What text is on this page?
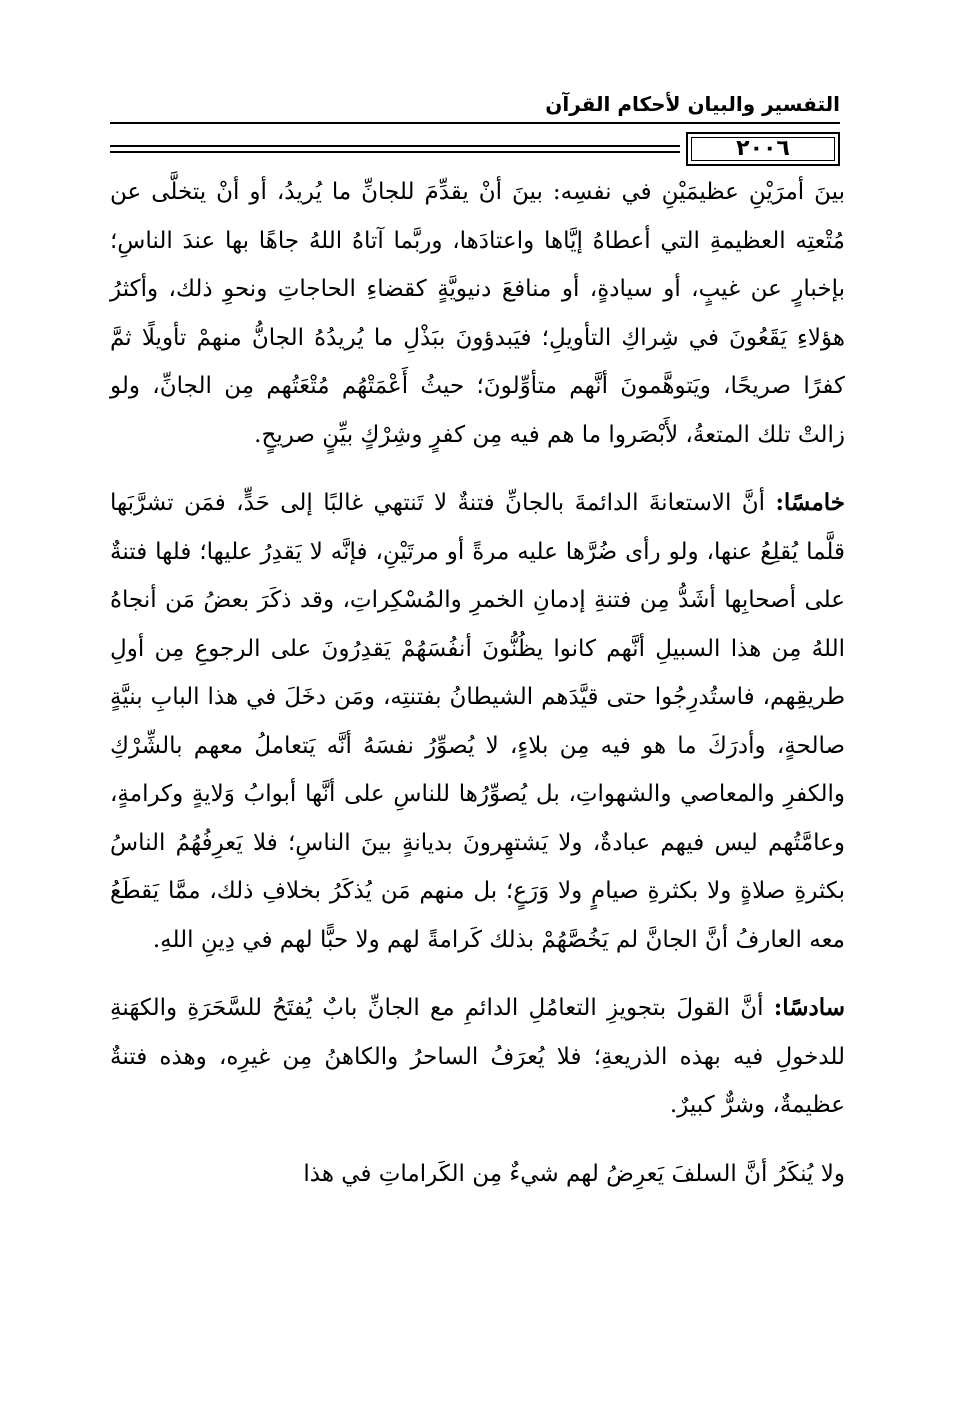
التفسير والبيان لأحكام القرآن
٢٠٠٦

بينَ أمرَيْنِ عظيمَيْنِ في نفسِه: بينَ أنْ يقدِّمَ للجانِّ ما يُريدُ، أو أنْ يتخلَّى عن مُتْعتِه العظيمةِ التي أعطاهُ إيَّاها واعتادَها، وربَّما آتاهُ اللهُ جاهًا بها عندَ الناسِ؛ بإخبارٍ عن غيبٍ، أو سيادةٍ، أو منافعَ دنيويَّةٍ كقضاءِ الحاجاتِ ونحوِ ذلك، وأكثرُ هؤلاءِ يَقَعُونَ في شِراكِ التأويلِ؛ فيَبدؤونَ ببَذْلِ ما يُريدُهُ الجانُّ منهمْ تأويلًا ثمَّ كفرًا صريحًا، ويَتوهَّمونَ أنَّهم متأوِّلونَ؛ حيثُ أَعْمَتْهُم مُتْعَتُهم مِن الجانِّ، ولو زالتْ تلك المتعةُ، لأَبْصَروا ما هم فيه مِن كفرٍ وشِرْكٍ بيِّنٍ صريحٍ.

خامسًا: أنَّ الاستعانةَ الدائمةَ بالجانِّ فتنةٌ لا تَنتهي غالبًا إلى حَدٍّ، فمَن تشرَّبَها قلَّما يُقلِعُ عنها، ولو رأى ضُرَّها عليه مرةً أو مرتَيْنِ، فإنَّه لا يَقدِرُ عليها؛ فلها فتنةٌ على أصحابِها أشَدُّ مِن فتنةِ إدمانِ الخمرِ والمُسْكِراتِ، وقد ذكَرَ بعضُ مَن أنجاهُ اللهُ مِن هذا السبيلِ أنَّهم كانوا يظُنُّونَ أنفُسَهُمْ يَقدِرُونَ على الرجوعِ مِن أولِ طريقِهم، فاستُدرِجُوا حتى قيَّدَهم الشيطانُ بفتنتِه، ومَن دخَلَ في هذا البابِ بنيَّةٍ صالحةٍ، وأدرَكَ ما هو فيه مِن بلاءٍ، لا يُصوِّرُ نفسَهُ أنَّه يَتعاملُ معهم بالشِّرْكِ والكفرِ والمعاصي والشهواتِ، بل يُصوِّرُها للناسِ على أنَّها أبوابُ وَلايةٍ وكرامةٍ، وعامَّتُهم ليس فيهم عبادةٌ، ولا يَشتهِرونَ بديانةٍ بينَ الناسِ؛ فلا يَعرِفُهُمُ الناسُ بكثرةِ صلاةٍ ولا بكثرةِ صيامٍ ولا وَرَعٍ؛ بل منهم مَن يُذكَرُ بخلافِ ذلك، ممَّا يَقطَعُ معه العارفُ أنَّ الجانَّ لم يَخُصَّهُمْ بذلك كَرامةً لهم ولا حبًّا لهم في دِينِ اللهِ.

سادسًا: أنَّ القولَ بتجويزِ التعامُلِ الدائمِ مع الجانِّ بابٌ يُفتَحُ للسَّحَرَةِ والكهَنةِ للدخولِ فيه بهذه الذريعةِ؛ فلا يُعرَفُ الساحرُ والكاهنُ مِن غيرِه، وهذه فتنةٌ عظيمةٌ، وشرٌّ كبيرٌ.

ولا يُنكَرُ أنَّ السلفَ يَعرِضُ لهم شيءٌ مِن الكَراماتِ في هذا
